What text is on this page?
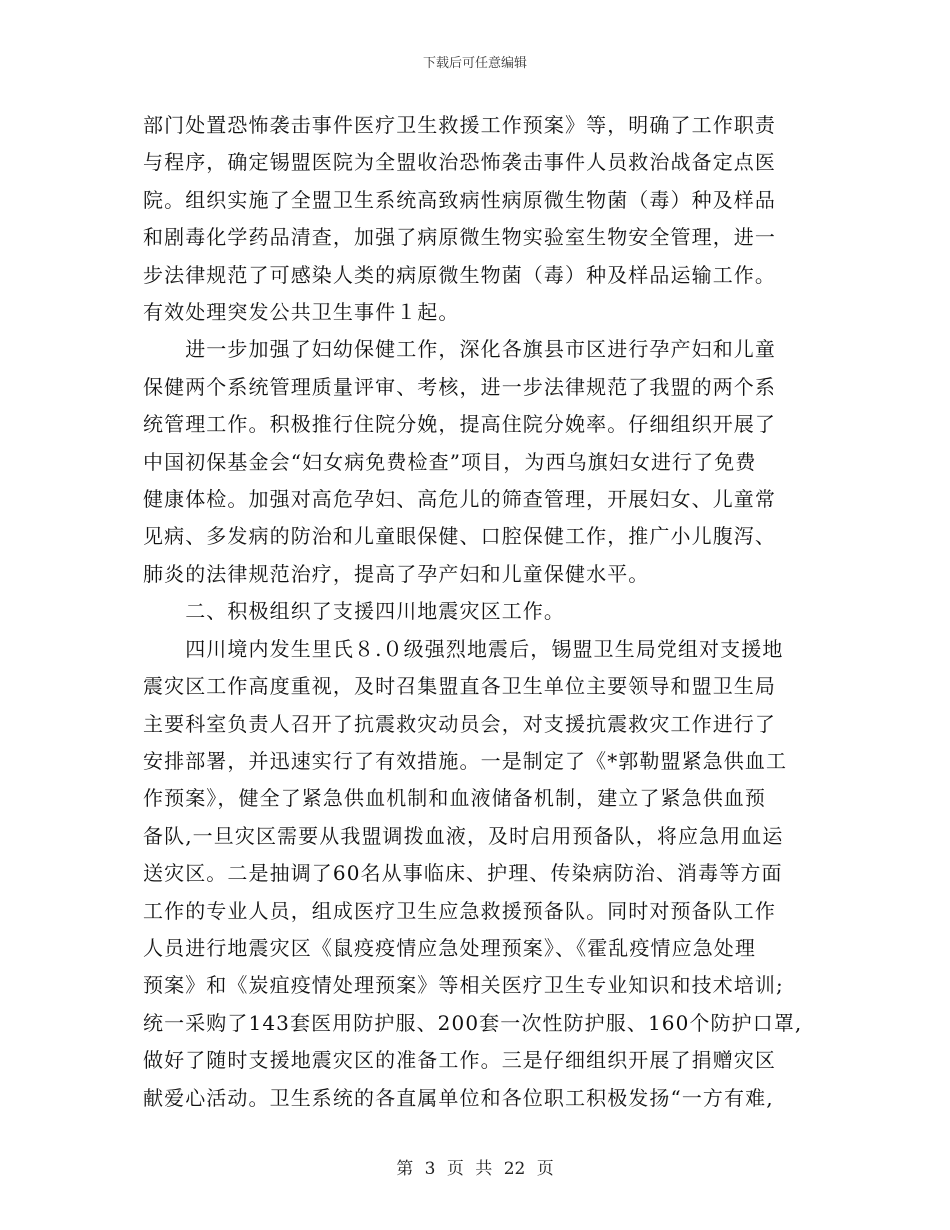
下载后可任意编辑
部门处置恐怖袭击事件医疗卫生救援工作预案》等，明确了工作职责
与程序，确定锡盟医院为全盟收治恐怖袭击事件人员救治战备定点医
院。组织实施了全盟卫生系统高致病性病原微生物菌（毒）种及样品
和剧毒化学药品清查，加强了病原微生物实验室生物安全管理，进一
步法律规范了可感染人类的病原微生物菌（毒）种及样品运输工作。
有效处理突发公共卫生事件１起。
　　进一步加强了妇幼保健工作，深化各旗县市区进行孕产妇和儿童
保健两个系统管理质量评审、考核，进一步法律规范了我盟的两个系
统管理工作。积极推行住院分娩，提高住院分娩率。仔细组织开展了
中国初保基金会“妇女病免费检查”项目，为西乌旗妇女进行了免费
健康体检。加强对高危孕妇、高危儿的筛查管理，开展妇女、儿童常
见病、多发病的防治和儿童眼保健、口腔保健工作，推广小儿腹泻、
肺炎的法律规范治疗，提高了孕产妇和儿童保健水平。
　　二、积极组织了支援四川地震灾区工作。
　　四川境内发生里氏８.０级强烈地震后，锡盟卫生局党组对支援地
震灾区工作高度重视，及时召集盟直各卫生单位主要领导和盟卫生局
主要科室负责人召开了抗震救灾动员会，对支援抗震救灾工作进行了
安排部署，并迅速实行了有效措施。一是制定了《*郭勒盟紧急供血工
作预案》，健全了紧急供血机制和血液储备机制，建立了紧急供血预
备队,一旦灾区需要从我盟调拨血液，及时启用预备队，将应急用血运
送灾区。二是抽调了60名从事临床、护理、传染病防治、消毒等方面
工作的专业人员，组成医疗卫生应急救援预备队。同时对预备队工作
人员进行地震灾区《鼠疫疫情应急处理预案》、《霍乱疫情应急处理
预案》和《炭疽疫情处理预案》等相关医疗卫生专业知识和技术培训;
统一采购了143套医用防护服、200套一次性防护服、160个防护口罩,
做好了随时支援地震灾区的准备工作。三是仔细组织开展了捐赠灾区
献爱心活动。卫生系统的各直属单位和各位职工积极发扬“一方有难,
第 3 页 共 22 页
